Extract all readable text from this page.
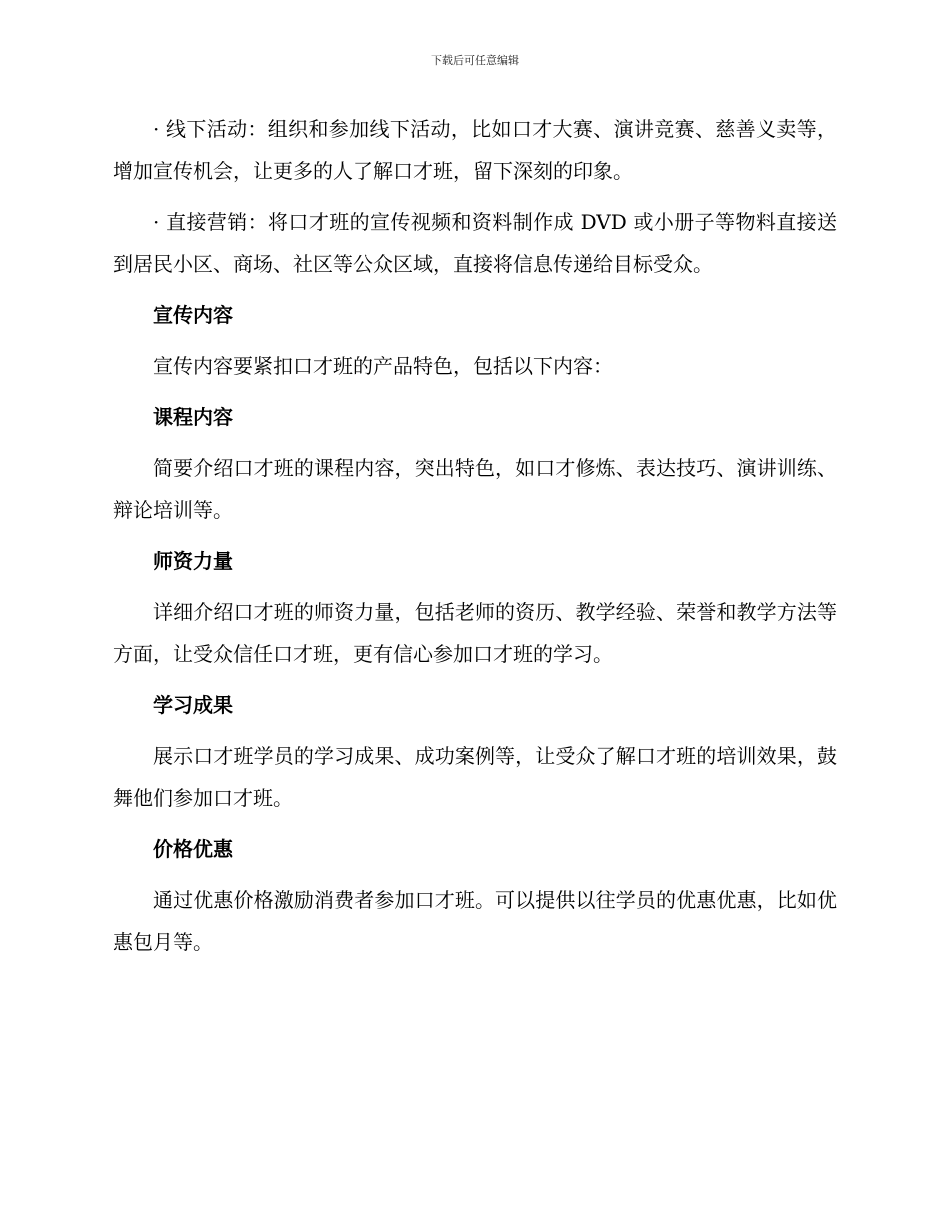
下载后可任意编辑

· 线下活动：组织和参加线下活动，比如口才大赛、演讲竞赛、慈善义卖等，增加宣传机会，让更多的人了解口才班，留下深刻的印象。

· 直接营销：将口才班的宣传视频和资料制作成 DVD 或小册子等物料直接送到居民小区、商场、社区等公众区域，直接将信息传递给目标受众。

宣传内容

宣传内容要紧扣口才班的产品特色，包括以下内容：

课程内容

简要介绍口才班的课程内容，突出特色，如口才修炼、表达技巧、演讲训练、辩论培训等。

师资力量

详细介绍口才班的师资力量，包括老师的资历、教学经验、荣誉和教学方法等方面，让受众信任口才班，更有信心参加口才班的学习。

学习成果

展示口才班学员的学习成果、成功案例等，让受众了解口才班的培训效果，鼓舞他们参加口才班。

价格优惠

通过优惠价格激励消费者参加口才班。可以提供以往学员的优惠优惠，比如优惠包月等。
